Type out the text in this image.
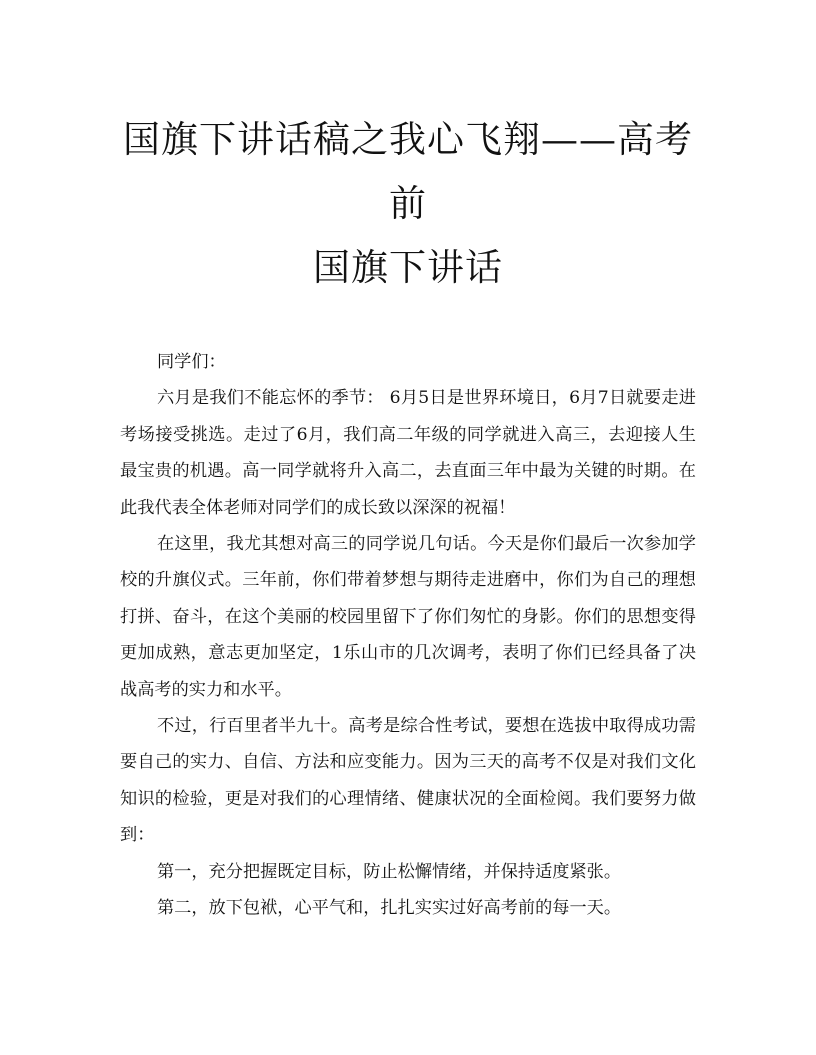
国旗下讲话稿之我心飞翔——高考前
国旗下讲话

同学们：

六月是我们不能忘怀的季节： 6月5日是世界环境日，6月7日就要走进考场接受挑选。走过了6月，我们高二年级的同学就进入高三，去迎接人生最宝贵的机遇。高一同学就将升入高二，去直面三年中最为关键的时期。在此我代表全体老师对同学们的成长致以深深的祝福！

在这里，我尤其想对高三的同学说几句话。今天是你们最后一次参加学校的升旗仪式。三年前，你们带着梦想与期待走进磨中，你们为自己的理想打拼、奋斗，在这个美丽的校园里留下了你们匆忙的身影。你们的思想变得更加成熟，意志更加坚定，1乐山市的几次调考，表明了你们已经具备了决战高考的实力和水平。

不过，行百里者半九十。高考是综合性考试，要想在选拔中取得成功需要自己的实力、自信、方法和应变能力。因为三天的高考不仅是对我们文化知识的检验，更是对我们的心理情绪、健康状况的全面检阅。我们要努力做到：

第一，充分把握既定目标，防止松懈情绪，并保持适度紧张。

第二，放下包袱，心平气和，扎扎实实过好高考前的每一天。
